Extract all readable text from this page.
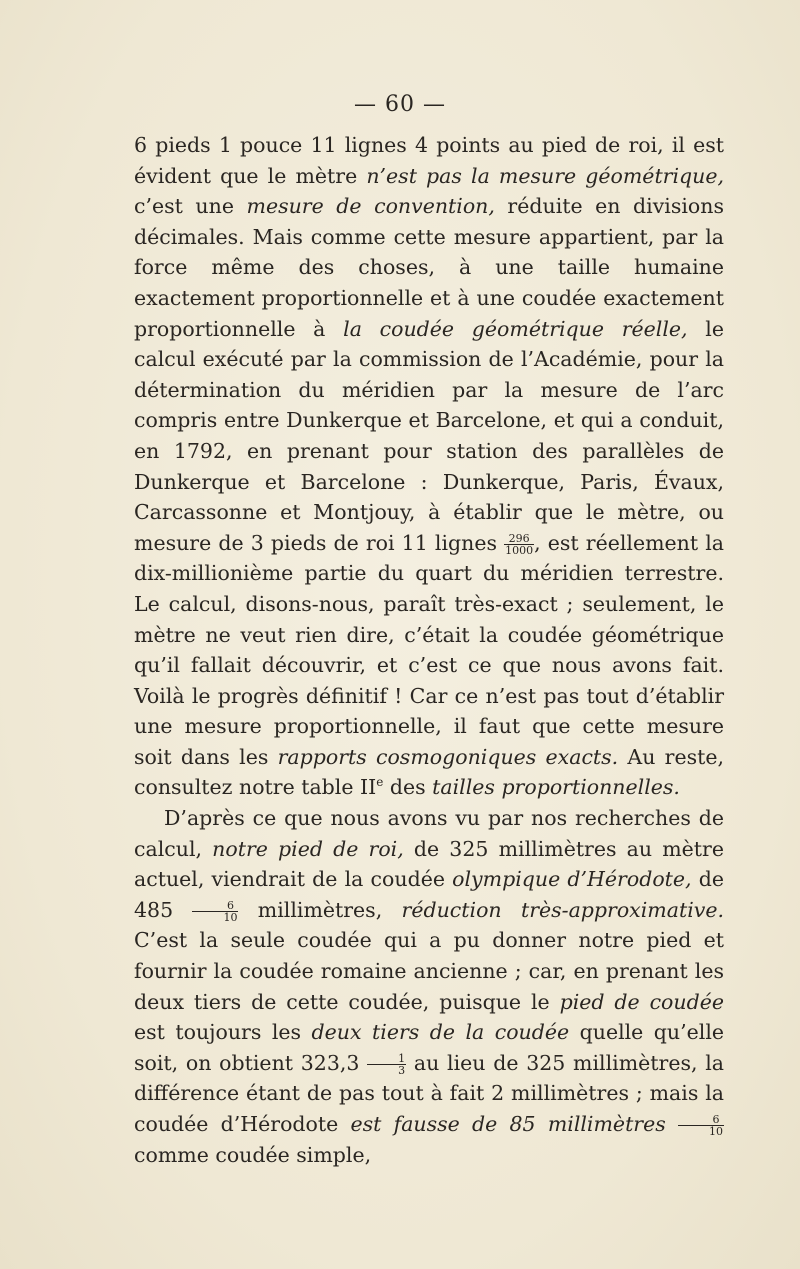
— 60 —

6 pieds 1 pouce 11 lignes 4 points au pied de roi, il est évident que le mètre n’est pas la mesure géométrique, c’est une mesure de convention, réduite en divisions décimales. Mais comme cette mesure appartient, par la force même des choses, à une taille humaine exactement proportionnelle et à une coudée exactement proportionnelle à la coudée géométrique réelle, le calcul exécuté par la commission de l’Académie, pour la détermination du méridien par la mesure de l’arc compris entre Dunkerque et Barcelone, et qui a conduit, en 1792, en prenant pour station des parallèles de Dunkerque et Barcelone : Dunkerque, Paris, Évaux, Carcassonne et Montjouy, à établir que le mètre, ou mesure de 3 pieds de roi 11 lignes $\frac{296}{1000}$ , est réellement la dix-millionième partie du quart du méridien terrestre. Le calcul, disons-nous, paraît très-exact ; seulement, le mètre ne veut rien dire, c’était la coudée géométrique qu’il fallait découvrir, et c’est ce que nous avons fait. Voilà le progrès définitif ! Car ce n’est pas tout d’établir une mesure proportionnelle, il faut que cette mesure soit dans les rapports cosmogoniques exacts. Au reste, consultez notre table IIe des tailles proportionnelles.

D’après ce que nous avons vu par nos recherches de calcul, notre pied de roi, de 325 millimètres au mètre actuel, viendrait de la coudée olympique d’Hérodote, de $485 \frac{6}{10}$ millimètres, réduction très-approximative. C’est la seule coudée qui a pu donner notre pied et fournir la coudée romaine ancienne ; car, en prenant les deux tiers de cette coudée, puisque le pied de coudée est toujours les deux tiers de la coudée quelle qu’elle soit, on obtient $323,3 \frac{1}{3}$ au lieu de 325 millimètres, la différence étant de pas tout à fait 2 millimètres ; mais la coudée d’Hérodote est fausse de 85 millimètres $\frac{6}{10}$
comme coudée simple,
